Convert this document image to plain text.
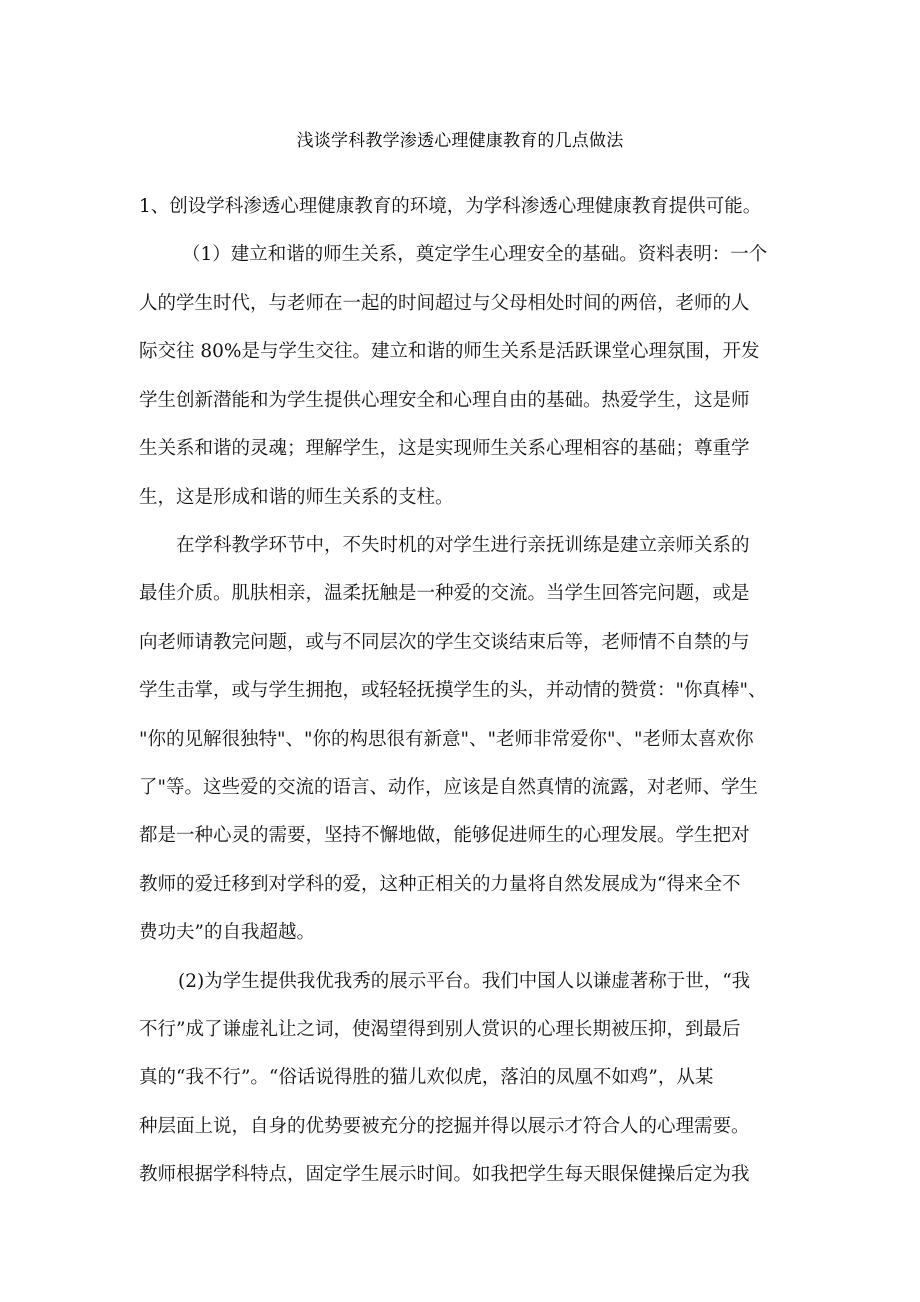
浅谈学科教学渗透心理健康教育的几点做法
1、创设学科渗透心理健康教育的环境，为学科渗透心理健康教育提供可能。
（1）建立和谐的师生关系，奠定学生心理安全的基础。资料表明：一个
人的学生时代，与老师在一起的时间超过与父母相处时间的两倍，老师的人
际交往 80%是与学生交往。建立和谐的师生关系是活跃课堂心理氛围，开发
学生创新潜能和为学生提供心理安全和心理自由的基础。热爱学生，这是师
生关系和谐的灵魂；理解学生，这是实现师生关系心理相容的基础；尊重学
生，这是形成和谐的师生关系的支柱。
在学科教学环节中，不失时机的对学生进行亲抚训练是建立亲师关系的
最佳介质。肌肤相亲，温柔抚触是一种爱的交流。当学生回答完问题，或是
向老师请教完问题，或与不同层次的学生交谈结束后等，老师情不自禁的与
学生击掌，或与学生拥抱，或轻轻抚摸学生的头，并动情的赞赏："你真棒"、
"你的见解很独特"、"你的构思很有新意"、"老师非常爱你"、"老师太喜欢你
了"等。这些爱的交流的语言、动作，应该是自然真情的流露，对老师、学生
都是一种心灵的需要，坚持不懈地做，能够促进师生的心理发展。学生把对
教师的爱迁移到对学科的爱，这种正相关的力量将自然发展成为“得来全不
费功夫”的自我超越。
(2)为学生提供我优我秀的展示平台。我们中国人以谦虚著称于世，“我
不行”成了谦虚礼让之词，使渴望得到别人赏识的心理长期被压抑，到最后
真的“我不行”。“俗话说得胜的猫儿欢似虎，落泊的凤凰不如鸡”，从某
种层面上说，自身的优势要被充分的挖掘并得以展示才符合人的心理需要。
教师根据学科特点，固定学生展示时间。如我把学生每天眼保健操后定为我
